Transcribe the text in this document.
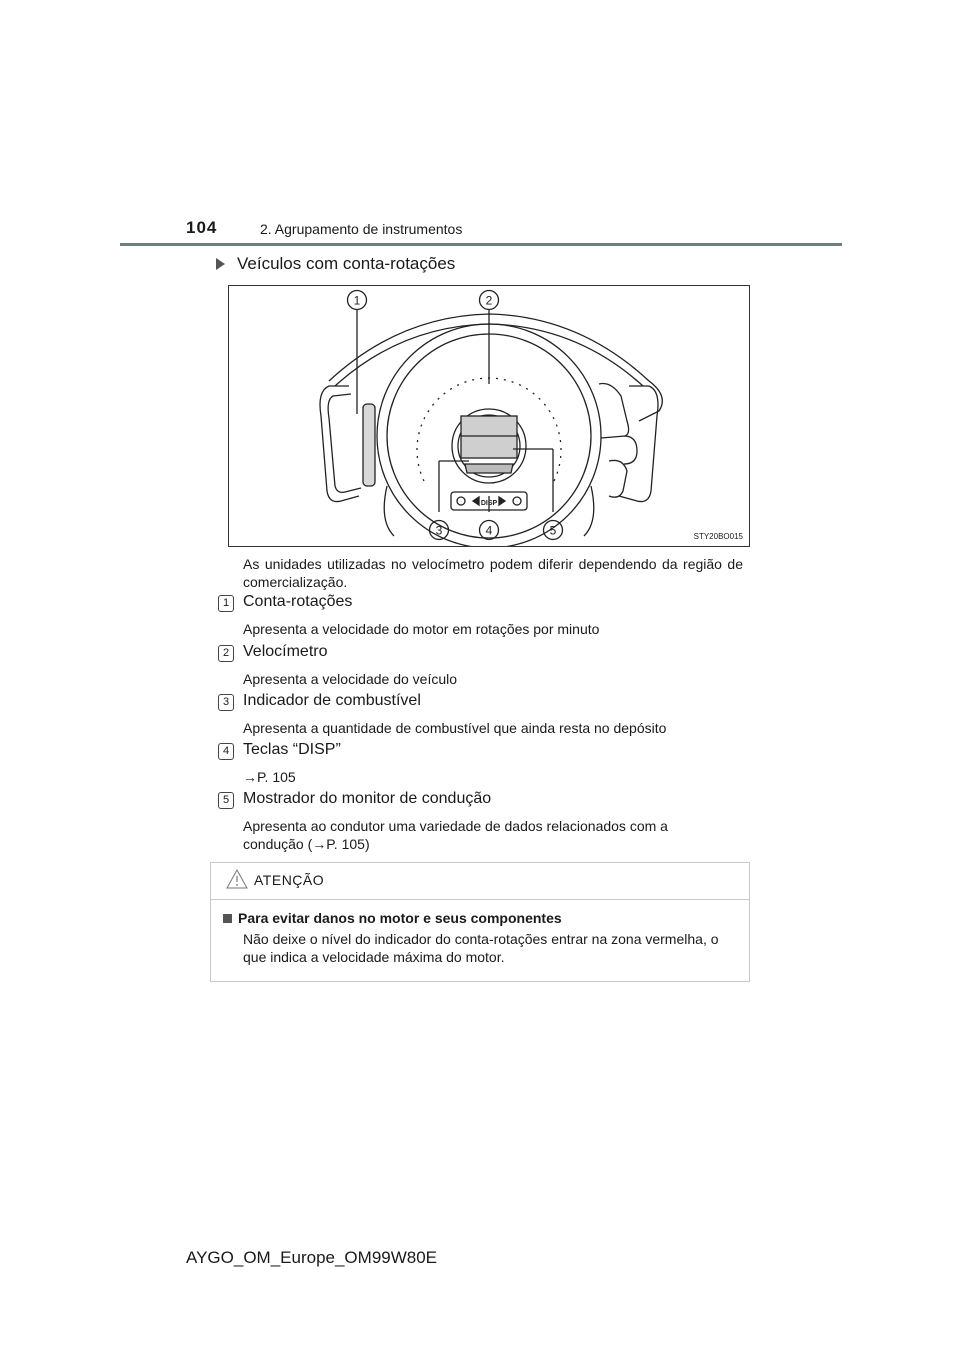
104	2. Agrupamento de instrumentos
Veículos com conta-rotações
1	2
3	4	5
DISP
STY20BO015
As unidades utilizadas no velocímetro podem diferir dependendo da região de comercialização.
1 Conta-rotações
Apresenta a velocidade do motor em rotações por minuto
2 Velocímetro
Apresenta a velocidade do veículo
3 Indicador de combustível
Apresenta a quantidade de combustível que ainda resta no depósito
4 Teclas “DISP”
→P. 105
5 Mostrador do monitor de condução
Apresenta ao condutor uma variedade de dados relacionados com a condução (→P. 105)
ATENÇÃO
Para evitar danos no motor e seus componentes
Não deixe o nível do indicador do conta-rotações entrar na zona vermelha, o que indica a velocidade máxima do motor.
AYGO_OM_Europe_OM99W80E
